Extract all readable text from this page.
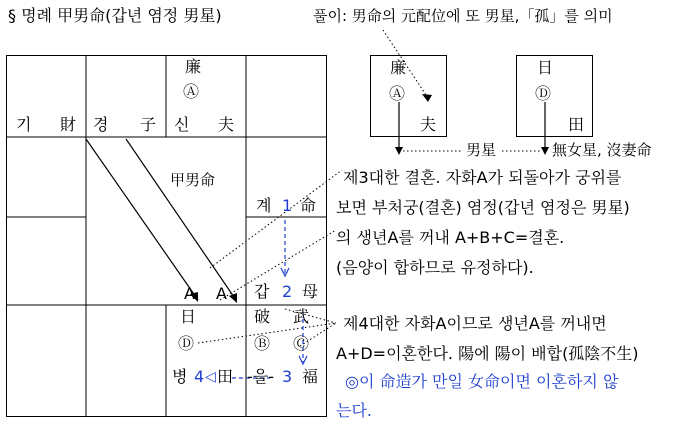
§ 명례 甲男命(갑년 염정 男星)	풀이: 男命의 元配位에 또 男星,「孤」를 의미
기 財 경 子
廉
Ⓐ
신 夫
甲男命
계 1 命
갑 2 母
A A
日
Ⓓ
병 4 ◁ 田
破 武
Ⓑ Ⓒ
-을- 3 福
廉
Ⓐ
夫
日
Ⓓ
田
男星	無女星, 沒妻命
제3대한 결혼. 자화A가 되돌아가 궁위를
보면 부처궁(결혼) 염정(갑년 염정은 男星)
의 생년A를 꺼내 A+B+C=결혼.
(음양이 합하므로 유정하다).
제4대한 자화A이므로 생년A를 꺼내면
A+D=이혼한다. 陽에 陽이 배합(孤陰不生)
◎이 命造가 만일 女命이면 이혼하지 않
는다.
